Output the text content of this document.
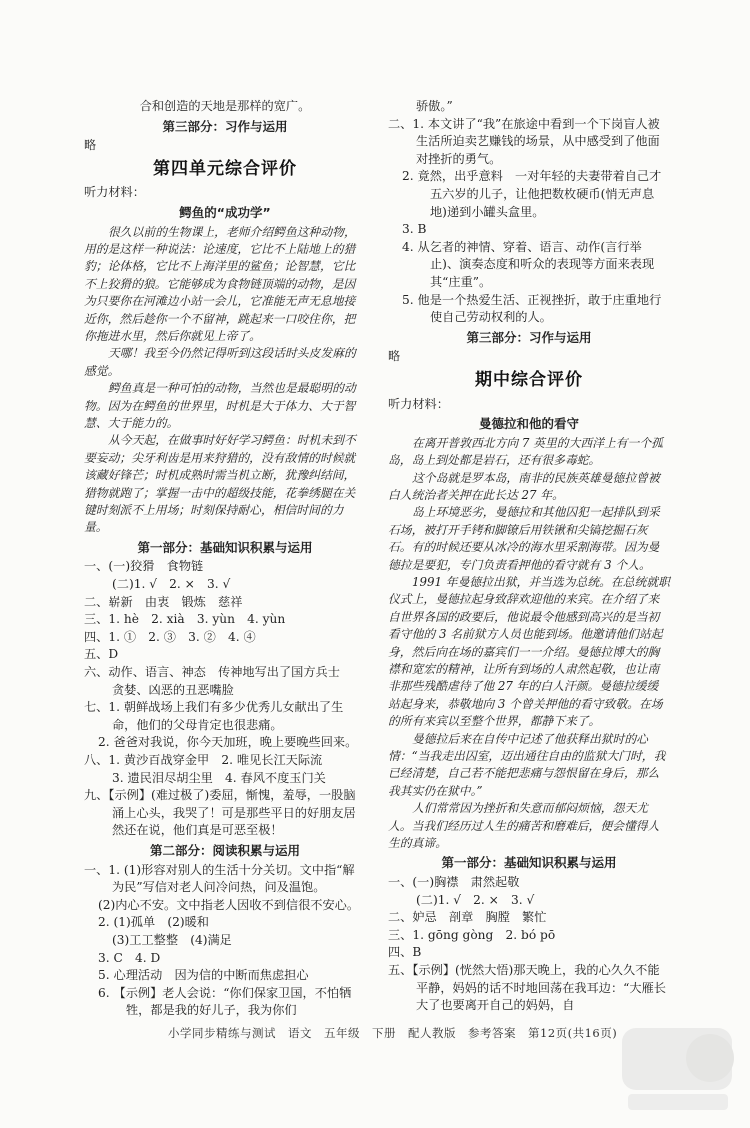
合和创造的天地是那样的宽广。

第三部分：习作与运用

略

第四单元综合评价

听力材料：

鳄鱼的“成功学”

很久以前的生物课上，老师介绍鳄鱼这种动物，用的是这样一种说法：论速度，它比不上陆地上的猎豹；论体格，它比不上海洋里的鲨鱼；论智慧，它比不上狡猾的狼。它能够成为食物链顶端的动物，是因为只要你在河滩边小站一会儿，它准能无声无息地接近你，然后趁你一个不留神，跳起来一口咬住你，把你拖进水里，然后你就见上帝了。

天哪！我至今仍然记得听到这段话时头皮发麻的感觉。

鳄鱼真是一种可怕的动物，当然也是最聪明的动物。因为在鳄鱼的世界里，时机是大于体力、大于智慧、大于能力的。

从今天起，在做事时好好学习鳄鱼：时机未到不要妄动；尖牙利齿是用来狩猎的，没有敌情的时候就该藏好锋芒；时机成熟时需当机立断，犹豫纠结间，猎物就跑了；掌握一击中的超级技能，花拳绣腿在关键时刻派不上用场；时刻保持耐心，相信时间的力量。

第一部分：基础知识积累与运用

一、(一)狡猾　食物链

(二)1. √　2. ×　3. √

二、崭新　由衷　锻炼　慈祥

三、1. hè　2. xià　3. yùn　4. yùn

四、1. ①　2. ③　3. ②　4. ④

五、D

六、动作、语言、神态　传神地写出了国方兵士

贪婪、凶恶的丑恶嘴脸

七、1. 朝鲜战场上我们有多少优秀儿女献出了生命，他们的父母肯定也很悲痛。

2. 爸爸对我说，你今天加班，晚上要晚些回来。

八、1. 黄沙百战穿金甲　2. 唯见长江天际流

3. 遗民泪尽胡尘里　4. 春风不度玉门关

九、【示例】(难过极了)委屈，惭愧，羞辱，一股脑涌上心头，我哭了！可是那些平日的好朋友居然还在说，他们真是可恶至极！

第二部分：阅读积累与运用

一、1. (1)形容对别人的生活十分关切。文中指“解为民”写信对老人问冷问热，问及温饱。

(2)内心不安。文中指老人因收不到信很不安心。

2. (1)孤单　(2)暖和

(3)工工整整　(4)满足

3. C　4. D

5. 心理活动　因为信的中断而焦虑担心

6. 【示例】老人会说：“你们保家卫国，不怕牺牲，都是我的好儿子，我为你们

骄傲。”

二、1. 本文讲了“我”在旅途中看到一个下岗盲人被生活所迫卖艺赚钱的场景，从中感受到了他面对挫折的勇气。

2. 竟然，出乎意料　一对年轻的夫妻带着自己才五六岁的儿子，让他把数枚硬币(悄无声息地)递到小罐头盒里。

3. B

4. 从乞者的神情、穿着、语言、动作(言行举止)、演奏态度和听众的表现等方面来表现其“庄重”。

5. 他是一个热爱生活、正视挫折，敢于庄重地行使自己劳动权利的人。

第三部分：习作与运用

略

期中综合评价

听力材料：

曼德拉和他的看守

在离开普敦西北方向 7 英里的大西洋上有一个孤岛，岛上到处都是岩石，还有很多毒蛇。

这个岛就是罗本岛，南非的民族英雄曼德拉曾被白人统治者关押在此长达 27 年。

岛上环境恶劣，曼德拉和其他囚犯一起排队到采石场，被打开手铐和脚镣后用铁锹和尖镐挖掘石灰石。有的时候还要从冰冷的海水里采割海带。因为曼德拉是要犯，专门负责看押他的看守就有 3 个人。

1991 年曼德拉出狱，并当选为总统。在总统就职仪式上，曼德拉起身致辞欢迎他的来宾。在介绍了来自世界各国的政要后，他说最令他感到高兴的是当初看守他的 3 名前狱方人员也能到场。他邀请他们站起身，然后向在场的嘉宾们一一介绍。曼德拉博大的胸襟和宽宏的精神，让所有到场的人肃然起敬，也让南非那些残酷虐待了他 27 年的白人汗颜。曼德拉缓缓站起身来，恭敬地向 3 个曾关押他的看守致敬。在场的所有来宾以至整个世界，都静下来了。

曼德拉后来在自传中记述了他获释出狱时的心情：“当我走出囚室，迈出通往自由的监狱大门时，我已经清楚，自己若不能把悲痛与怨恨留在身后，那么我其实仍在狱中。”

人们常常因为挫折和失意而郁闷烦恼，怨天尤人。当我们经历过人生的痛苦和磨难后，便会懂得人生的真谛。

第一部分：基础知识积累与运用

一、(一)胸襟　肃然起敬

(二)1. √　2. ×　3. √

二、妒忌　剖章　胸膛　繁忙

三、1. gōng gòng　2. bó pō

四、B

五、【示例】(恍然大悟)那天晚上，我的心久久不能平静，妈妈的话不时地回荡在我耳边：“大雁长大了也要离开自己的妈妈，自

小学同步精练与测试　语文　五年级　下册　配人教版　参考答案　第12页(共16页)
